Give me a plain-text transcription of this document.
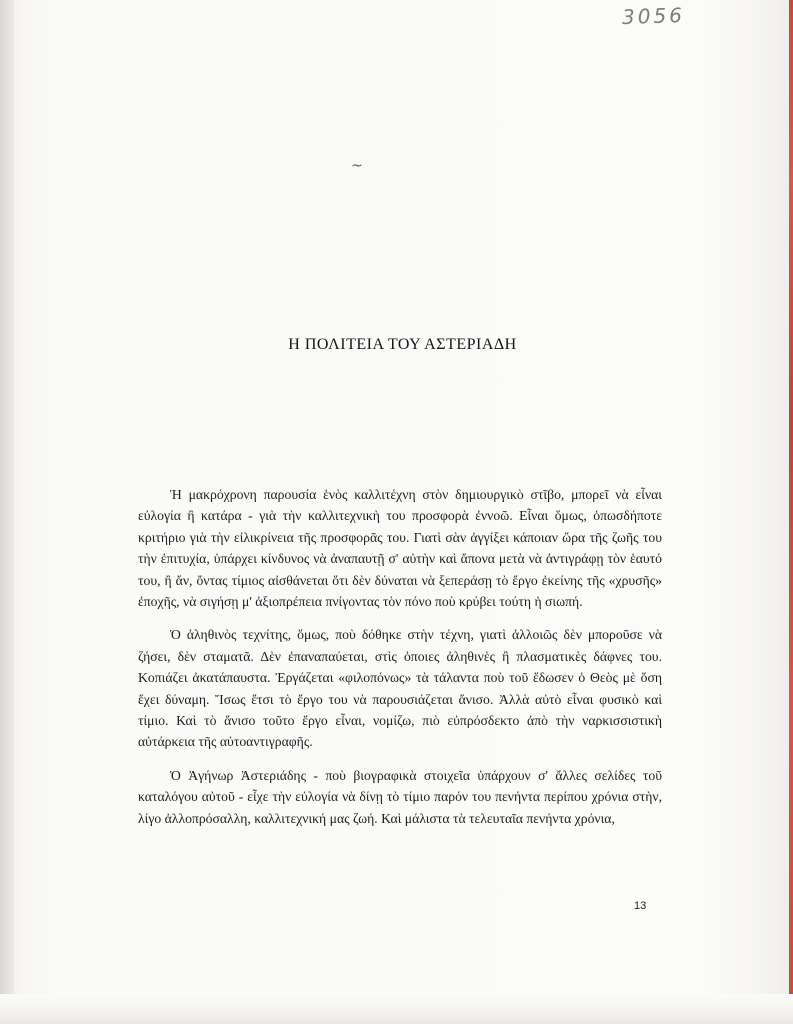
3056
~
Η ΠΟΛΙΤΕΙΑ ΤΟΥ ΑΣΤΕΡΙΑΔΗ

Ἡ μακρόχρονη παρουσία ἑνὸς καλλιτέχνη στὸν δημιουργικὸ στῖβο, μπορεῖ νὰ εἶναι εὐλογία ἢ κατάρα - γιὰ τὴν καλλιτεχνικὴ του προσφορὰ ἐννοῶ. Εἶναι ὅμως, ὁπωσδήποτε κριτήριο γιὰ τὴν εἰλικρίνεια τῆς προσφορᾶς του. Γιατὶ σὰν ἀγγίξει κάποιαν ὥρα τῆς ζωῆς του τὴν ἐπιτυχία, ὑπάρχει κίνδυνος νὰ ἀναπαυτῇ σ' αὐτὴν καὶ ἄπονα μετὰ νὰ ἀντιγράφῃ τὸν ἑαυτό του, ἢ ἄν, ὄντας τίμιος αἰσθάνεται ὅτι δὲν δύναται νὰ ξεπεράσῃ τὸ ἔργο ἐκείνης τῆς «χρυσῆς» ἐποχῆς, νὰ σιγήσῃ μ' ἀξιοπρέπεια πνίγοντας τὸν πόνο ποὺ κρύβει τούτη ἡ σιωπή.

Ὁ ἀληθινὸς τεχνίτης, ὅμως, ποὺ δόθηκε στὴν τέχνη, γιατὶ ἀλλοιῶς δὲν μποροῦσε νὰ ζήσει, δὲν σταματᾶ. Δὲν ἐπαναπαύεται, στὶς ὁποιες ἀληθινὲς ἢ πλασματικὲς δάφνες του. Κοπιάζει ἀκατάπαυστα. Ἐργάζεται «φιλοπόνως» τὰ τάλαντα ποὺ τοῦ ἔδωσεν ὁ Θεὸς μὲ ὅση ἔχει δύναμη. Ἴσως ἔτσι τὸ ἔργο του νὰ παρουσιάζεται ἄνισο. Ἀλλὰ αὐτὸ εἶναι φυσικὸ καὶ τίμιο. Καὶ τὸ ἄνισο τοῦτο ἔργο εἶναι, νομίζω, πιὸ εὐπρόσδεκτο ἀπὸ τὴν ναρκισσιστικὴ αὐτάρκεια τῆς αὐτοαντιγραφῆς.

Ὁ Ἀγήνωρ Ἀστεριάδης - ποὺ βιογραφικὰ στοιχεῖα ὑπάρχουν σ' ἄλλες σελίδες τοῦ καταλόγου αὐτοῦ - εἶχε τὴν εὐλογία νὰ δίνῃ τὸ τίμιο παρόν του πενήντα περίπου χρόνια στὴν, λίγο ἀλλοπρόσαλλη, καλλιτεχνική μας ζωή. Καὶ μάλιστα τὰ τελευταῖα πενήντα χρόνια,

13
